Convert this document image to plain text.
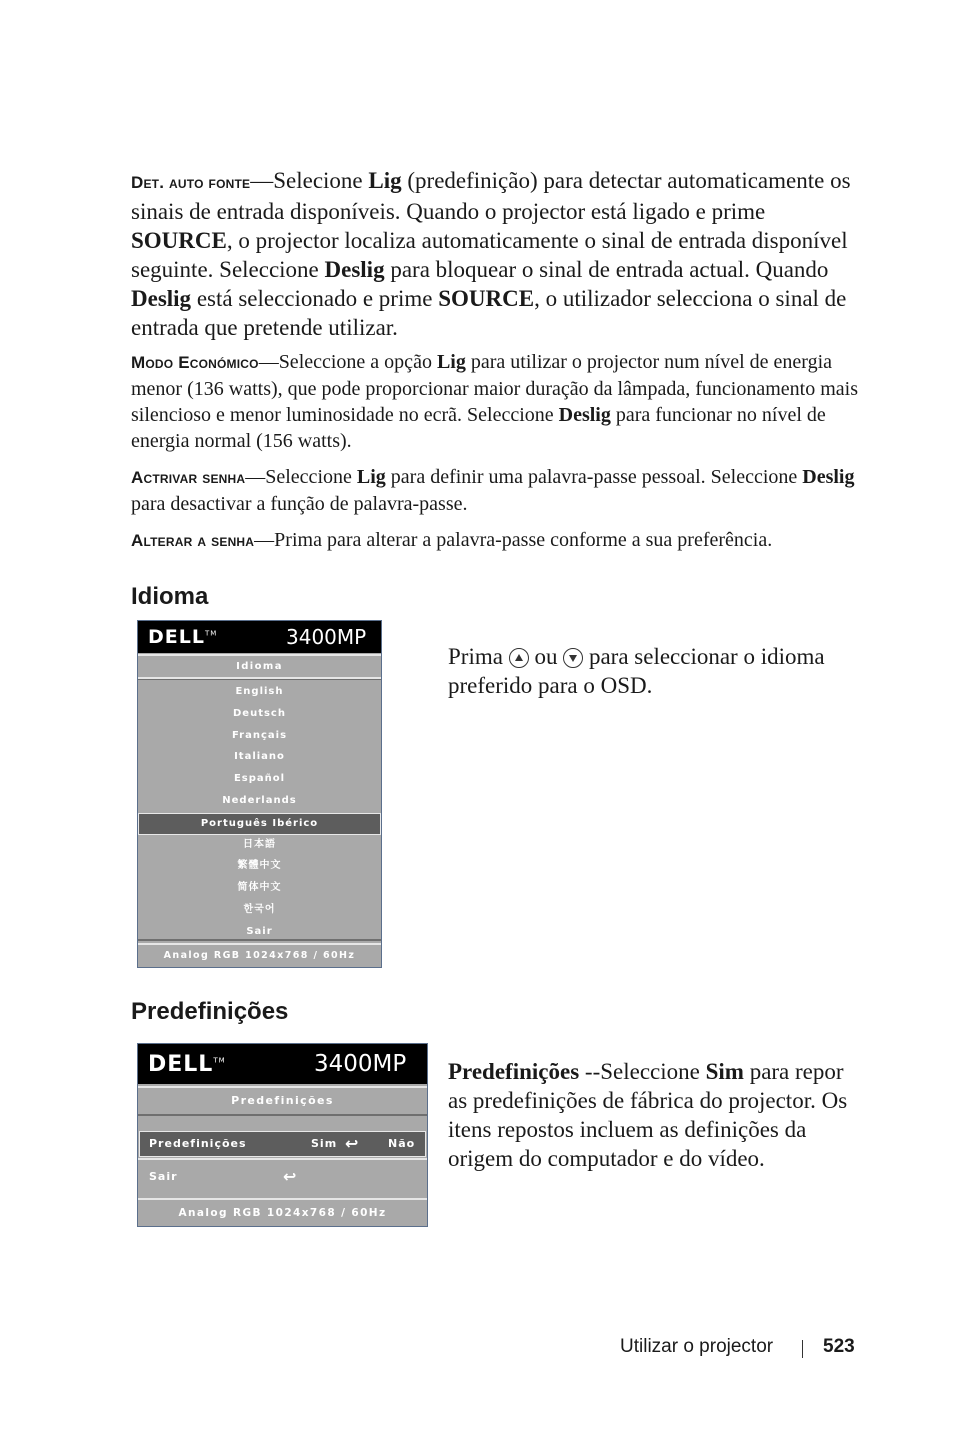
Det. auto fonte—Selecione Lig (predefinição) para detectar automaticamente os sinais de entrada disponíveis. Quando o projector está ligado e prime SOURCE, o projector localiza automaticamente o sinal de entrada disponível seguinte. Seleccione Deslig para bloquear o sinal de entrada actual. Quando Deslig está seleccionado e prime SOURCE, o utilizador selecciona o sinal de entrada que pretende utilizar.

Modo Económico—Seleccione a opção Lig para utilizar o projector num nível de energia menor (136 watts), que pode proporcionar maior duração da lâmpada, funcionamento mais silencioso e menor luminosidade no ecrã. Seleccione Deslig para funcionar no nível de energia normal (156 watts).

Actrivar senha—Seleccione Lig para definir uma palavra-passe pessoal. Seleccione Deslig para desactivar a função de palavra-passe.

Alterar a senha—Prima para alterar a palavra-passe conforme a sua preferência.

Idioma
DELL™	3400MP
Idioma
English
Deutsch
Français
Italiano
Español
Nederlands
Português Ibérico
日本語
繁體中文
简体中文
한국어
Sair
Analog RGB 1024x768 / 60Hz

Prima ou para seleccionar o idioma preferido para o OSD.

Predefinições
DELL™	3400MP
Predefinições
Predefinições	Sim ↩	Não
Sair	↩
Analog RGB 1024x768 / 60Hz

Predefinições --Seleccione Sim para repor as predefinições de fábrica do projector. Os itens repostos incluem as definições da origem do computador e do vídeo.

Utilizar o projector	523
